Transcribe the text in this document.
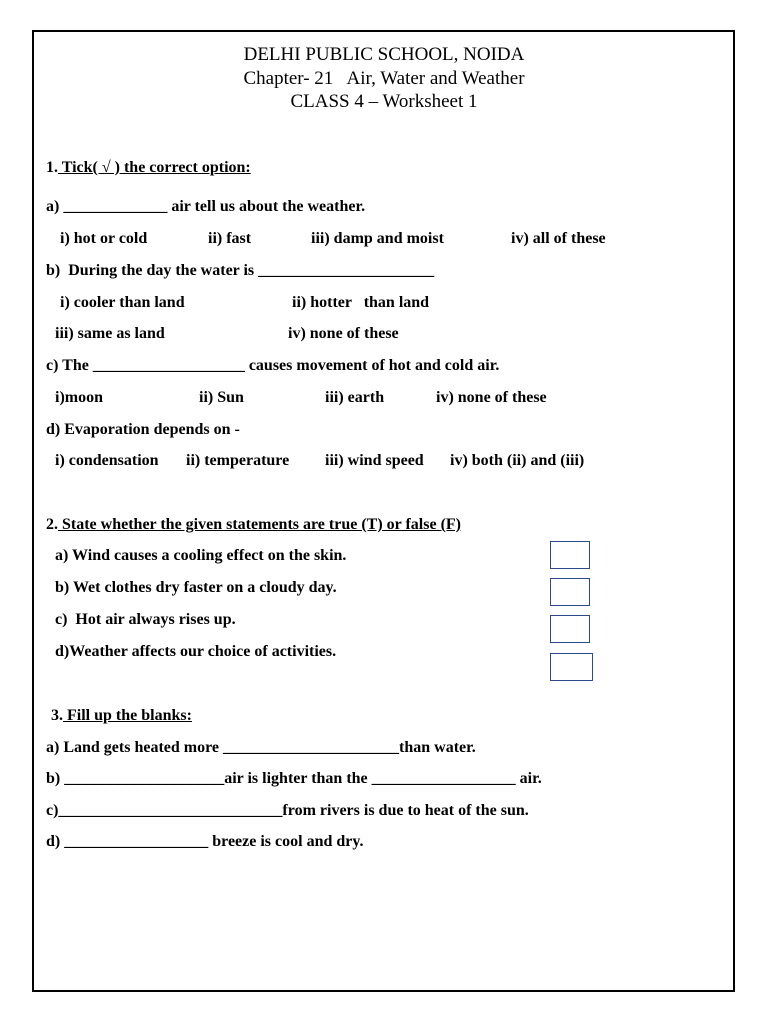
DELHI PUBLIC SCHOOL, NOIDA
Chapter- 21   Air, Water and Weather
CLASS 4 – Worksheet 1
1. Tick( √ ) the correct option:
a) _____________ air tell us about the weather.
i) hot or cold	ii) fast	iii) damp and moist	iv) all of these
b)  During the day the water is ______________________
i) cooler than land	ii) hotter   than land
iii) same as land	iv) none of these
c) The ___________________ causes movement of hot and cold air.
i)moon	ii) Sun	iii) earth	iv) none of these
d) Evaporation depends on -
i) condensation ii) temperature iii) wind speed iv) both (ii) and (iii)
2. State whether the given statements are true (T) or false (F)
a) Wind causes a cooling effect on the skin.
b) Wet clothes dry faster on a cloudy day.
c)  Hot air always rises up.
d)Weather affects our choice of activities.
3. Fill up the blanks:
a) Land gets heated more ______________________than water.
b) ____________________air is lighter than the __________________ air.
c)____________________________from rivers is due to heat of the sun.
d) __________________ breeze is cool and dry.
